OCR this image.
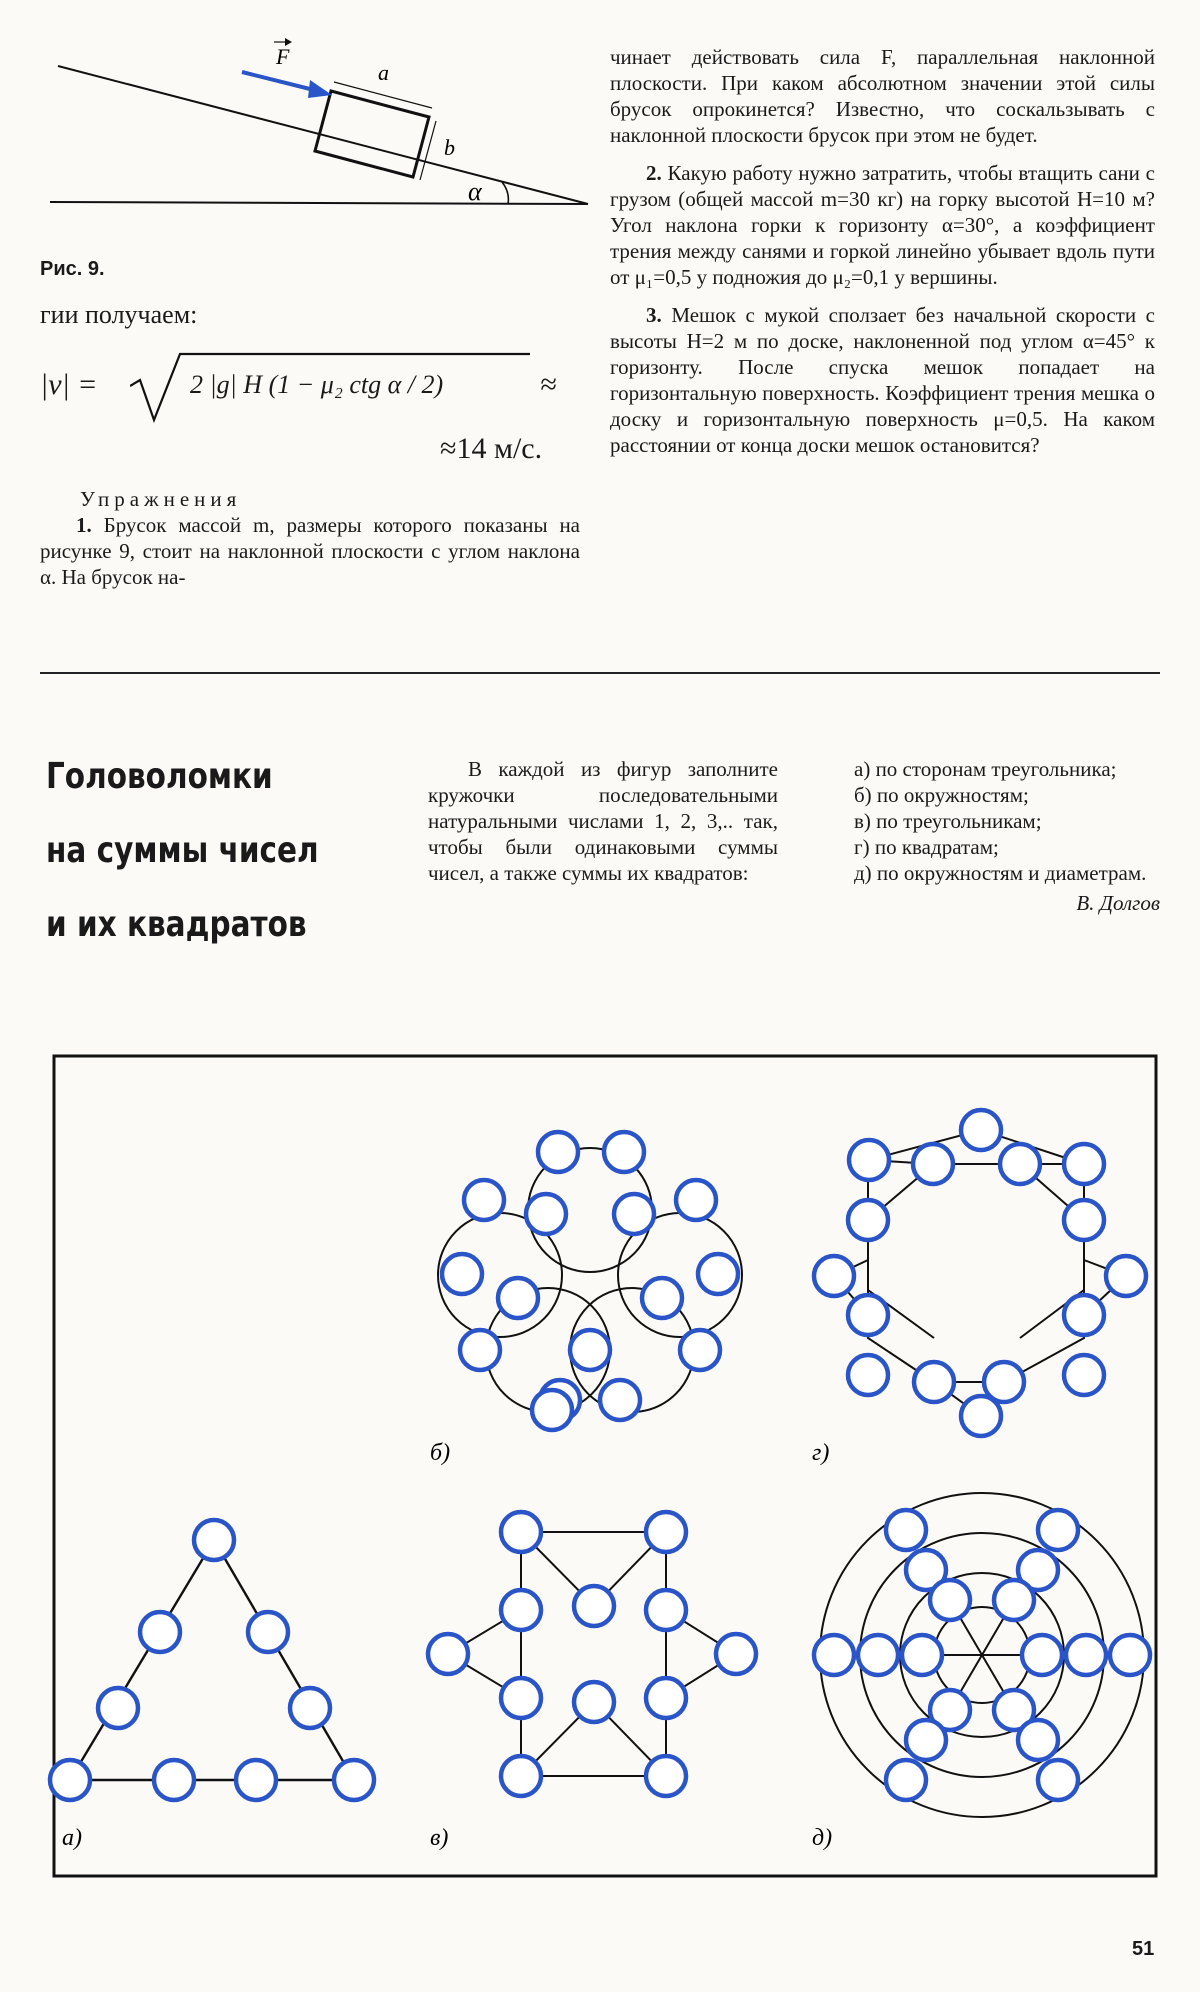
F
a
b
α
Рис. 9.
гии получаем:
|v| =	2 |g| H (1 − μ₂ ctg α / 2)	≈
≈14 м/с.
Упражнения
1. Брусок массой m, размеры которого показаны на рисунке 9, стоит на наклонной плоскости с углом наклона α. На брусок на-

чинает действовать сила F, параллельная наклонной плоскости. При каком абсолютном значении этой силы брусок опрокинется? Известно, что соскальзывать с наклонной плоскости брусок при этом не будет.

2. Какую работу нужно затратить, чтобы втащить сани с грузом (общей массой m=30 кг) на горку высотой H=10 м? Угол наклона горки к горизонту α=30°, а коэффициент трения между санями и горкой линейно убывает вдоль пути от μ₁=0,5 у подножия до μ₂=0,1 у вершины.

3. Мешок с мукой сползает без начальной скорости с высоты H=2 м по доске, наклоненной под углом α=45° к горизонту. После спуска мешок попадает на горизонтальную поверхность. Коэффициент трения мешка о доску и горизонтальную поверхность μ=0,5. На каком расстоянии от конца доски мешок остановится?

Головоломки
на суммы чисел
и их квадратов
В каждой из фигур заполните кружочки последовательными натуральными числами 1, 2, 3,.. так, чтобы были одинаковыми суммы чисел, а также суммы их квадратов:
а) по сторонам треугольника;
б) по окружностям;
в) по треугольникам;
г) по квадратам;
д) по окружностям и диаметрам.
В. Долгов
б)	г)
а)	в)	д)
51
